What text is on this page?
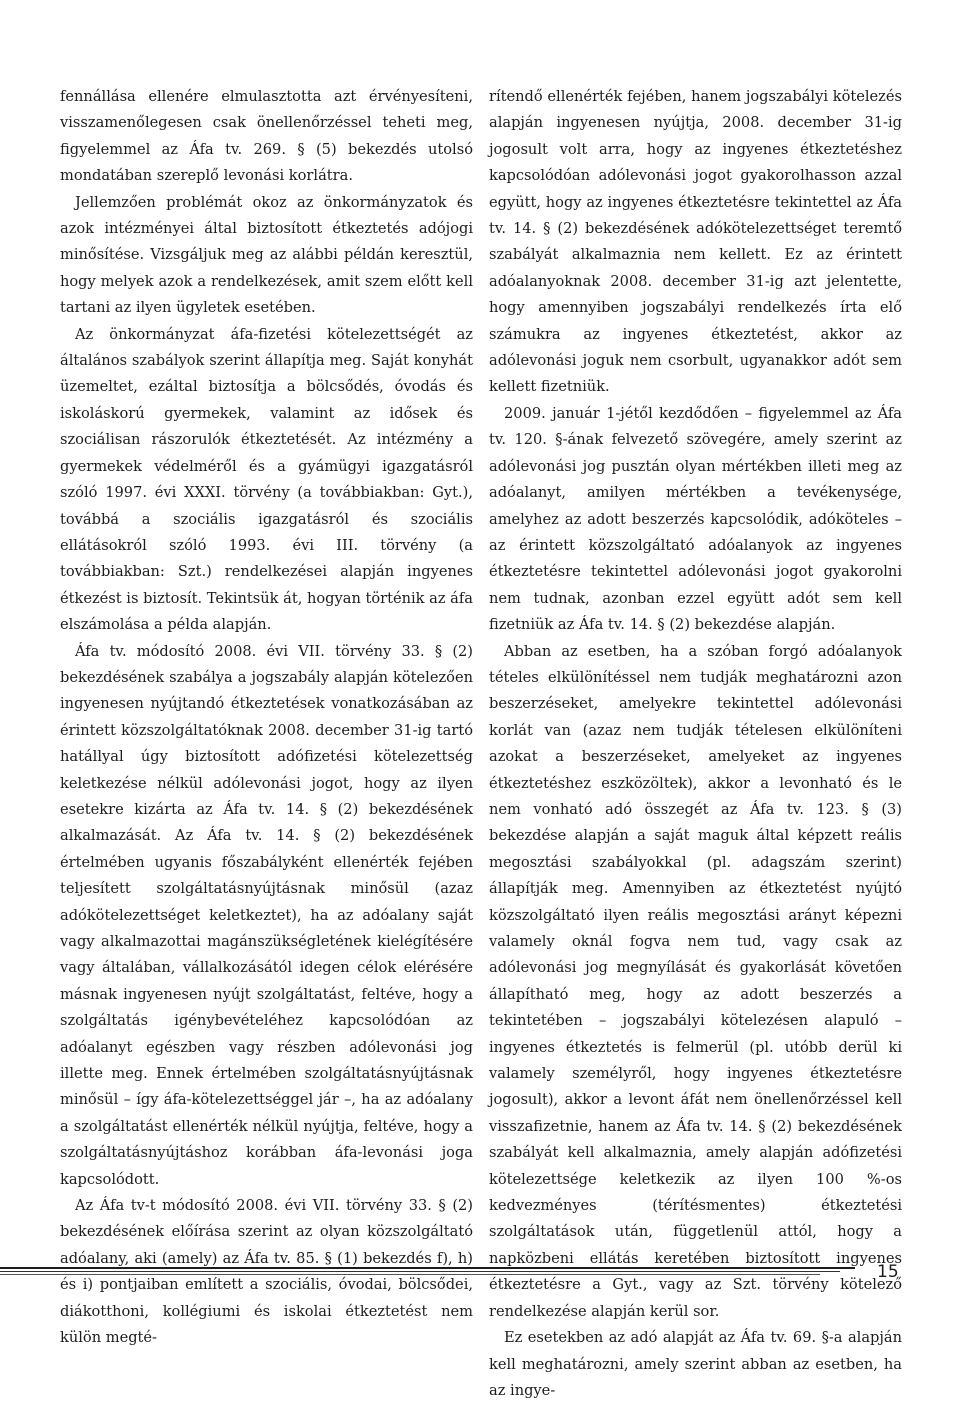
fennállása ellenére elmulasztotta azt érvényesíteni, visszamenőlegesen csak önellenőrzéssel teheti meg, figyelemmel az Áfa tv. 269. § (5) bekezdés utolsó mondatában szereplő levonási korlátra.

Jellemzően problémát okoz az önkormányzatok és azok intézményei által biztosított étkeztetés adójogi minősítése. Vizsgáljuk meg az alábbi példán keresztül, hogy melyek azok a rendelkezések, amit szem előtt kell tartani az ilyen ügyletek esetében.

Az önkormányzat áfa-fizetési kötelezettségét az általános szabályok szerint állapítja meg. Saját konyhát üzemeltet, ezáltal biztosítja a bölcsődés, óvodás és iskoláskorú gyermekek, valamint az idősek és szociálisan rászorulók étkeztetését. Az intézmény a gyermekek védelméről és a gyámügyi igazgatásról szóló 1997. évi XXXI. törvény (a továbbiakban: Gyt.), továbbá a szociális igazgatásról és szociális ellátásokról szóló 1993. évi III. törvény (a továbbiakban: Szt.) rendelkezései alapján ingyenes étkezést is biztosít. Tekintsük át, hogyan történik az áfa elszámolása a példa alapján.

Áfa tv. módosító 2008. évi VII. törvény 33. § (2) bekezdésének szabálya a jogszabály alapján kötelezően ingyenesen nyújtandó étkeztetések vonatkozásában az érintett közszolgáltatóknak 2008. december 31-ig tartó hatállyal úgy biztosított adófizetési kötelezettség keletkezése nélkül adólevonási jogot, hogy az ilyen esetekre kizárta az Áfa tv. 14. § (2) bekezdésének alkalmazását. Az Áfa tv. 14. § (2) bekezdésének értelmében ugyanis főszabályként ellenérték fejében teljesített szolgáltatásnyújtásnak minősül (azaz adókötelezettséget keletkeztet), ha az adóalany saját vagy alkalmazottai magánszükségletének kielégítésére vagy általában, vállalkozásától idegen célok elérésére másnak ingyenesen nyújt szolgáltatást, feltéve, hogy a szolgáltatás igénybevételéhez kapcsolódóan az adóalanyt egészben vagy részben adólevonási jog illette meg. Ennek értelmében szolgáltatásnyújtásnak minősül – így áfa-kötelezettséggel jár –, ha az adóalany a szolgáltatást ellenérték nélkül nyújtja, feltéve, hogy a szolgáltatásnyújtáshoz korábban áfa-levonási joga kapcsolódott.

Az Áfa tv-t módosító 2008. évi VII. törvény 33. § (2) bekezdésének előírása szerint az olyan közszolgáltató adóalany, aki (amely) az Áfa tv. 85. § (1) bekezdés f), h) és i) pontjaiban említett a szociális, óvodai, bölcsődei, diákotthoni, kollégiumi és iskolai étkeztetést nem külön megté-

rítendő ellenérték fejében, hanem jogszabályi kötelezés alapján ingyenesen nyújtja, 2008. december 31-ig jogosult volt arra, hogy az ingyenes étkeztetéshez kapcsolódóan adólevonási jogot gyakorolhasson azzal együtt, hogy az ingyenes étkeztetésre tekintettel az Áfa tv. 14. § (2) bekezdésének adókötelezettséget teremtő szabályát alkalmaznia nem kellett. Ez az érintett adóalanyoknak 2008. december 31-ig azt jelentette, hogy amennyiben jogszabályi rendelkezés írta elő számukra az ingyenes étkeztetést, akkor az adólevonási joguk nem csorbult, ugyanakkor adót sem kellett fizetniük.

2009. január 1-jétől kezdődően – figyelemmel az Áfa tv. 120. §-ának felvezető szövegére, amely szerint az adólevonási jog pusztán olyan mértékben illeti meg az adóalanyt, amilyen mértékben a tevékenysége, amelyhez az adott beszerzés kapcsolódik, adóköteles – az érintett közszolgáltató adóalanyok az ingyenes étkeztetésre tekintettel adólevonási jogot gyakorolni nem tudnak, azonban ezzel együtt adót sem kell fizetniük az Áfa tv. 14. § (2) bekezdése alapján.

Abban az esetben, ha a szóban forgó adóalanyok tételes elkülönítéssel nem tudják meghatározni azon beszerzéseket, amelyekre tekintettel adólevonási korlát van (azaz nem tudják tételesen elkülöníteni azokat a beszerzéseket, amelyeket az ingyenes étkeztetéshez eszközöltek), akkor a levonható és le nem vonható adó összegét az Áfa tv. 123. § (3) bekezdése alapján a saját maguk által képzett reális megosztási szabályokkal (pl. adagszám szerint) állapítják meg. Amennyiben az étkeztetést nyújtó közszolgáltató ilyen reális megosztási arányt képezni valamely oknál fogva nem tud, vagy csak az adólevonási jog megnyílását és gyakorlását követően állapítható meg, hogy az adott beszerzés a tekintetében – jogszabályi kötelezésen alapuló – ingyenes étkeztetés is felmerül (pl. utóbb derül ki valamely személyről, hogy ingyenes étkeztetésre jogosult), akkor a levont áfát nem önellenőrzéssel kell visszafizetnie, hanem az Áfa tv. 14. § (2) bekezdésének szabályát kell alkalmaznia, amely alapján adófizetési kötelezettsége keletkezik az ilyen 100 %-os kedvezményes (térítésmentes) étkeztetési szolgáltatások után, függetlenül attól, hogy a napközbeni ellátás keretében biztosított ingyenes étkeztetésre a Gyt., vagy az Szt. törvény kötelező rendelkezése alapján kerül sor.

Ez esetekben az adó alapját az Áfa tv. 69. §-a alapján kell meghatározni, amely szerint abban az esetben, ha az ingye-

15
